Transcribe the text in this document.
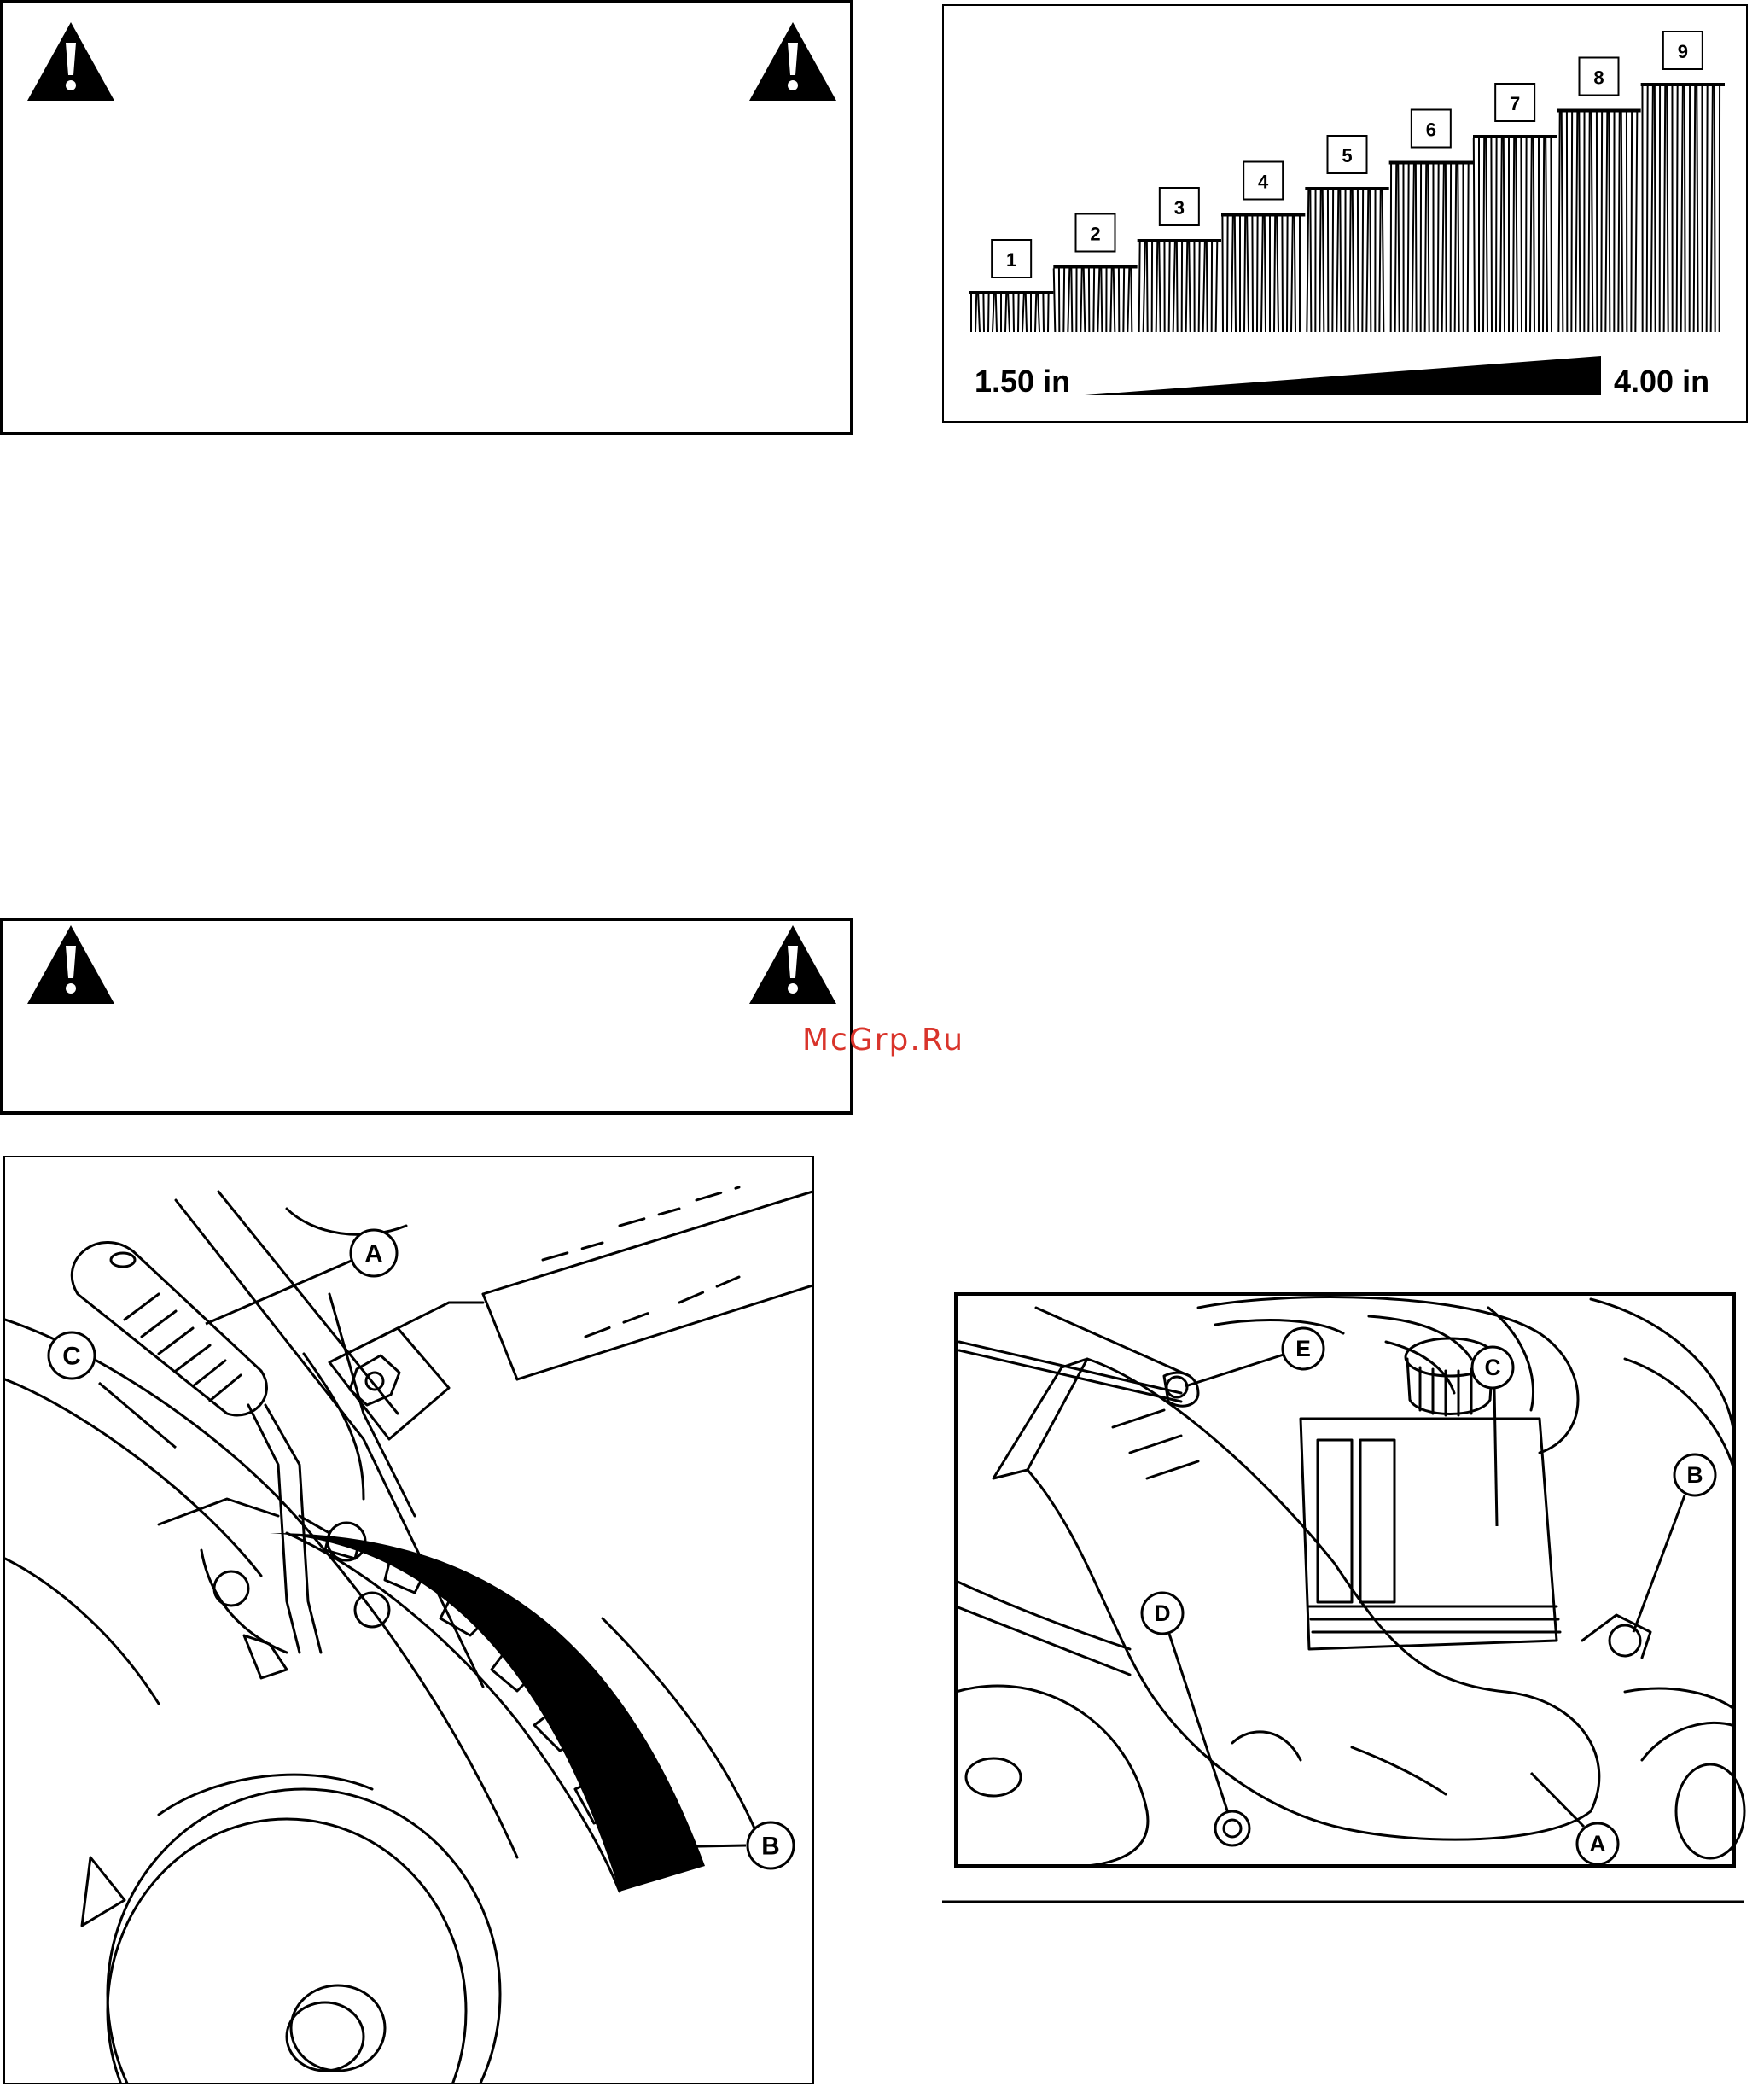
1
2
3
4
5
6
7
8
9
1.50 in	4.00 in
A
B
C
A
B
C
D
E
McGrp.Ru
